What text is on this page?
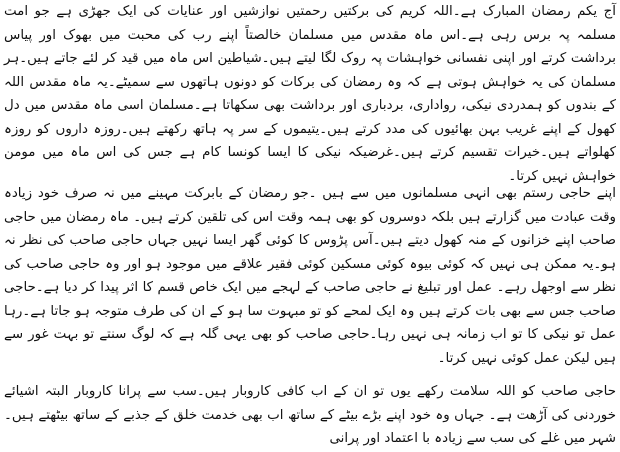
آج یکم رمضان المبارک ہے۔اللہ کریم کی برکتیں رحمتیں نوازشیں اور عنایات کی ایک جھڑی ہے جو امت مسلمہ پہ برس رہی ہے۔اس ماہ مقدس میں مسلمان خالصتاً اپنے رب کی محبت میں بھوک اور پیاس برداشت کرتے اور اپنی نفسانی خواہشات پہ روک لگا لیتے ہیں۔شیاطین اس ماہ میں قید کر لئے جاتے ہیں۔ہر مسلمان کی یہ خواہش ہوتی ہے کہ وہ رمضان کی برکات کو دونوں ہاتھوں سے سمیٹے۔یہ ماہ مقدس اللہ کے بندوں کو ہمدردی نیکی، رواداری، بردباری اور برداشت بھی سکھاتا ہے۔مسلمان اسی ماہ مقدس میں دل کھول کے اپنے غریب بہن بھائیوں کی مدد کرتے ہیں۔یتیموں کے سر پہ ہاتھ رکھتے ہیں۔روزہ داروں کو روزہ کھلواتے ہیں۔خیرات تقسیم کرتے ہیں۔غرضیکہ نیکی کا ایسا کونسا کام ہے جس کی اس ماہ میں مومن خواہش نہیں کرتا۔

اپنے حاجی رستم بھی انہی مسلمانوں میں سے ہیں ۔جو رمضان کے بابرکت مہینے میں نہ صرف خود زیادہ وقت عبادت میں گزارتے ہیں بلکہ دوسروں کو بھی ہمہ وقت اس کی تلقین کرتے ہیں۔ ماہ رمضان میں حاجی صاحب اپنے خزانوں کے منہ کھول دیتے ہیں۔آس پڑوس کا کوئی گھر ایسا نہیں جہاں حاجی صاحب کی نظر نہ ہو۔یہ ممکن ہی نہیں کہ کوئی بیوہ کوئی مسکین کوئی فقیر علاقے میں موجود ہو اور وہ حاجی صاحب کی نظر سے اوجھل رہے۔ عمل اور تبلیغ نے حاجی صاحب کے لہجے میں ایک خاص قسم کا اثر پیدا کر دیا ہے۔حاجی صاحب جس سے بھی بات کرتے ہیں وہ ایک لمحے کو تو مبہوت سا ہو کے ان کی طرف متوجہ ہو جاتا ہے۔رہا عمل تو نیکی کا تو اب زمانہ ہی نہیں رہا۔حاجی صاحب کو بھی یہی گلہ ہے کہ لوگ سنتے تو بہت غور سے ہیں لیکن عمل کوئی نہیں کرتا۔

حاجی صاحب کو اللہ سلامت رکھے یوں تو ان کے اب کافی کاروبار ہیں۔سب سے پرانا کاروبار البتہ اشیائے خوردنی کی آڑھت ہے۔ جہاں وہ خود اپنے بڑے بیٹے کے ساتھ اب بھی خدمت خلق کے جذبے کے ساتھ بیٹھتے ہیں۔شہر میں غلے کی سب سے زیادہ با اعتماد اور پرانی
